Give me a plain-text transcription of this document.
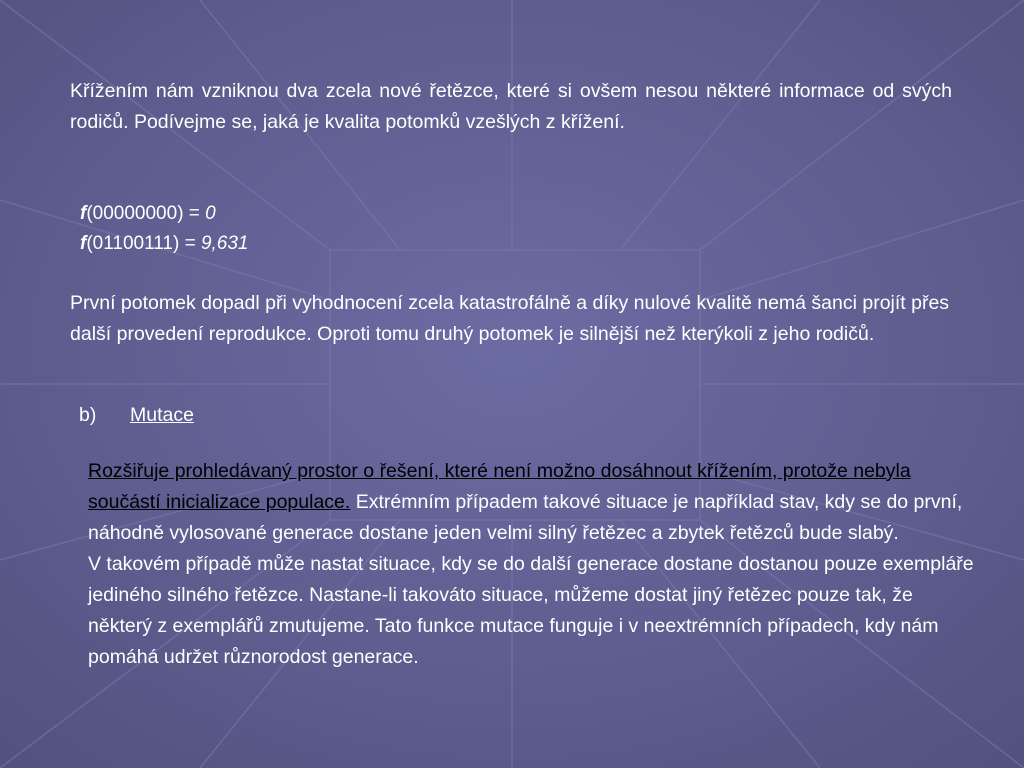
Křížením nám vzniknou dva zcela nové řetězce, které si ovšem nesou některé informace od svých rodičů. Podívejme se, jaká je kvalita potomků vzešlých z křížení.
f(00000000) = 0
f(01100111) = 9,631
První potomek dopadl při vyhodnocení zcela katastrofálně a díky nulové kvalitě nemá šanci projít přes další provedení reprodukce. Oproti tomu druhý potomek je silnější než kterýkoli z jeho rodičů.
b) Mutace
Rozšiřuje prohledávaný prostor o řešení, které není možno dosáhnout křížením, protože nebyla součástí inicializace populace. Extrémním případem takové situace je například stav, kdy se do první, náhodně vylosované generace dostane jeden velmi silný řetězec a zbytek řetězců bude slabý.
V takovém případě může nastat situace, kdy se do další generace dostane dostanou pouze exempláře jediného silného řetězce. Nastane-li takováto situace, můžeme dostat jiný řetězec pouze tak, že některý z exemplářů zmutujeme. Tato funkce mutace funguje i v neextrémních případech, kdy nám pomáhá udržet různorodost generace.
